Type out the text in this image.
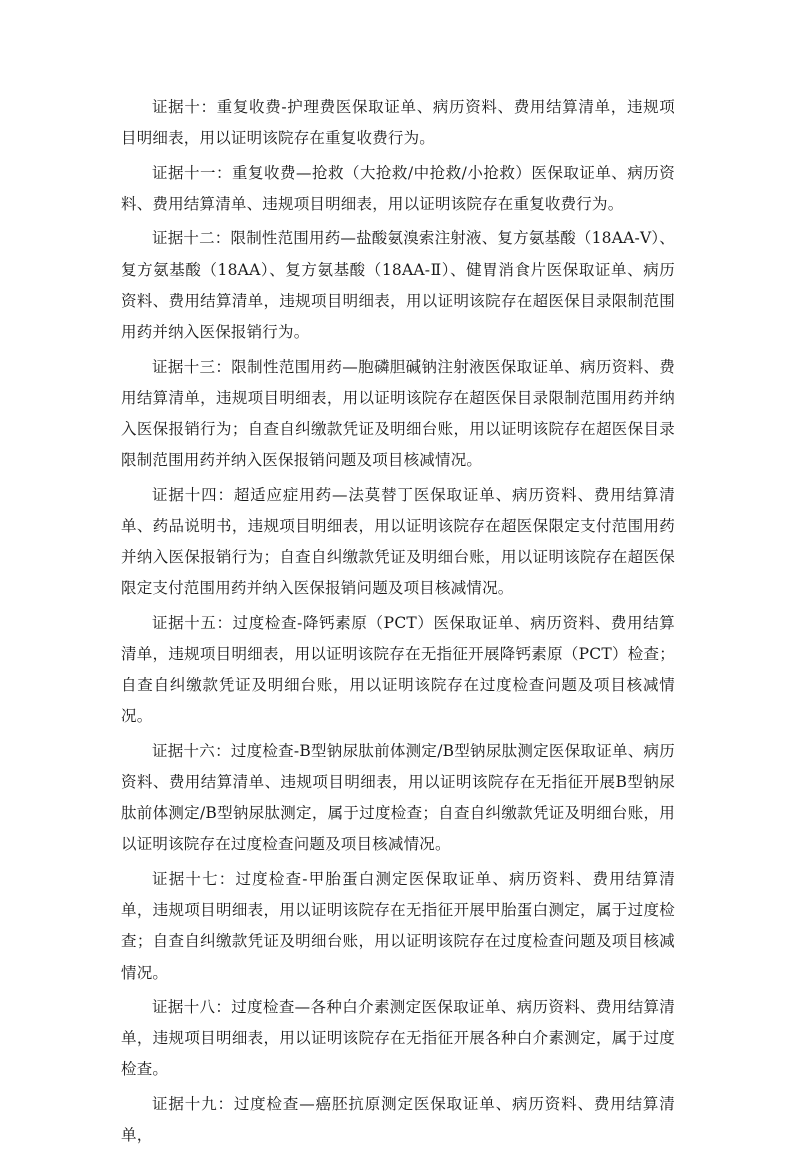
证据十：重复收费-护理费医保取证单、病历资料、费用结算清单，违规项目明细表，用以证明该院存在重复收费行为。

证据十一：重复收费—抢救（大抢救/中抢救/小抢救）医保取证单、病历资料、费用结算清单、违规项目明细表，用以证明该院存在重复收费行为。

证据十二：限制性范围用药—盐酸氨溴索注射液、复方氨基酸（18AA-Ⅴ）、复方氨基酸（18AA）、复方氨基酸（18AA-Ⅱ）、健胃消食片医保取证单、病历资料、费用结算清单，违规项目明细表，用以证明该院存在超医保目录限制范围用药并纳入医保报销行为。

证据十三：限制性范围用药—胞磷胆碱钠注射液医保取证单、病历资料、费用结算清单，违规项目明细表，用以证明该院存在超医保目录限制范围用药并纳入医保报销行为；自查自纠缴款凭证及明细台账，用以证明该院存在超医保目录限制范围用药并纳入医保报销问题及项目核减情况。

证据十四：超适应症用药—法莫替丁医保取证单、病历资料、费用结算清单、药品说明书，违规项目明细表，用以证明该院存在超医保限定支付范围用药并纳入医保报销行为；自查自纠缴款凭证及明细台账，用以证明该院存在超医保限定支付范围用药并纳入医保报销问题及项目核减情况。

证据十五：过度检查-降钙素原（PCT）医保取证单、病历资料、费用结算清单，违规项目明细表，用以证明该院存在无指征开展降钙素原（PCT）检查；自查自纠缴款凭证及明细台账，用以证明该院存在过度检查问题及项目核减情况。

证据十六：过度检查-B型钠尿肽前体测定/B型钠尿肽测定医保取证单、病历资料、费用结算清单、违规项目明细表，用以证明该院存在无指征开展B型钠尿肽前体测定/B型钠尿肽测定，属于过度检查；自查自纠缴款凭证及明细台账，用以证明该院存在过度检查问题及项目核减情况。

证据十七：过度检查-甲胎蛋白测定医保取证单、病历资料、费用结算清单，违规项目明细表，用以证明该院存在无指征开展甲胎蛋白测定，属于过度检查；自查自纠缴款凭证及明细台账，用以证明该院存在过度检查问题及项目核减情况。

证据十八：过度检查—各种白介素测定医保取证单、病历资料、费用结算清单，违规项目明细表，用以证明该院存在无指征开展各种白介素测定，属于过度检查。

证据十九：过度检查—癌胚抗原测定医保取证单、病历资料、费用结算清单，
